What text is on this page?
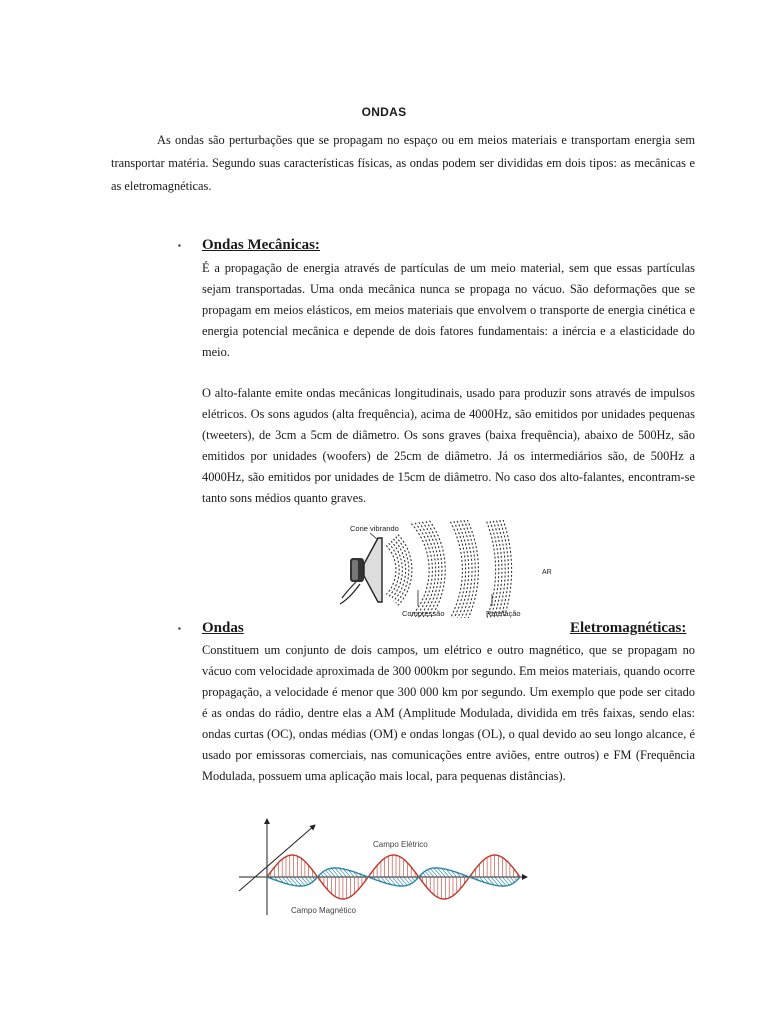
ONDAS

As ondas são perturbações que se propagam no espaço ou em meios materiais e transportam energia sem transportar matéria. Segundo suas características físicas, as ondas podem ser divididas em dois tipos: as mecânicas e as eletromagnéticas.

▪ Ondas Mecânicas:

É a propagação de energia através de partículas de um meio material, sem que essas partículas sejam transportadas. Uma onda mecânica nunca se propaga no vácuo. São deformações que se propagam em meios elásticos, em meios materiais que envolvem o transporte de energia cinética e energia potencial mecânica e depende de dois fatores fundamentais: a inércia e a elasticidade do meio.

O alto-falante emite ondas mecânicas longitudinais, usado para produzir sons através de impulsos elétricos. Os sons agudos (alta frequência), acima de 4000Hz, são emitidos por unidades pequenas (tweeters), de 3cm a 5cm de diâmetro. Os sons graves (baixa frequência), abaixo de 500Hz, são emitidos por unidades (woofers) de 25cm de diâmetro. Já os intermediários são, de 500Hz a 4000Hz, são emitidos por unidades de 15cm de diâmetro. No caso dos alto-falantes, encontram-se tanto sons médios quanto graves.

Cone vibrando
AR
Compressão	Rarefação
▪ Ondas	Eletromagnéticas:

Constituem um conjunto de dois campos, um elétrico e outro magnético, que se propagam no vácuo com velocidade aproximada de 300 000km por segundo. Em meios materiais, quando ocorre propagação, a velocidade é menor que 300 000 km por segundo. Um exemplo que pode ser citado é as ondas do rádio, dentre elas a AM (Amplitude Modulada, dividida em três faixas, sendo elas: ondas curtas (OC), ondas médias (OM) e ondas longas (OL), o qual devido ao seu longo alcance, é usado por emissoras comerciais, nas comunicações entre aviões, entre outros) e FM (Frequência Modulada, possuem uma aplicação mais local, para pequenas distâncias).

Campo Elétrico
Campo Magnético
